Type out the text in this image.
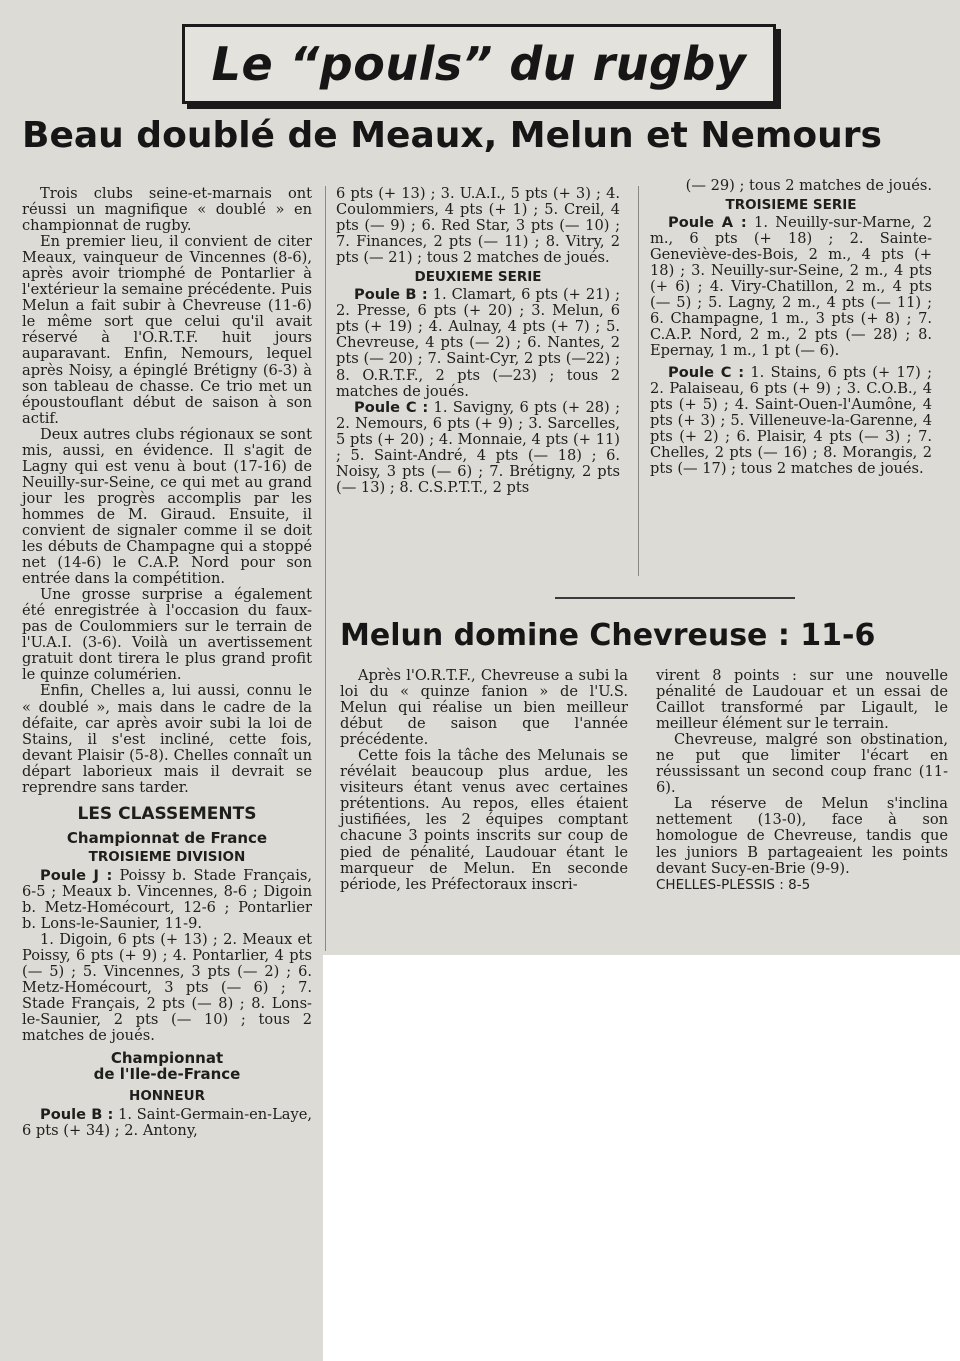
Le “pouls” du rugby
Beau doublé de Meaux, Melun et Nemours

Trois clubs seine-et-marnais ont réussi un magnifique « doublé » en championnat de rugby.

En premier lieu, il convient de citer Meaux, vainqueur de Vincennes (8-6), après avoir triomphé de Pontarlier à l'extérieur la semaine précédente. Puis Melun a fait subir à Chevreuse (11-6) le même sort que celui qu'il avait réservé à l'O.R.T.F. huit jours auparavant. Enfin, Nemours, lequel après Noisy, a épinglé Brétigny (6-3) à son tableau de chasse. Ce trio met un époustouflant début de saison à son actif.

Deux autres clubs régionaux se sont mis, aussi, en évidence. Il s'agit de Lagny qui est venu à bout (17-16) de Neuilly-sur-Seine, ce qui met au grand jour les progrès accomplis par les hommes de M. Giraud. Ensuite, il convient de signaler comme il se doit les débuts de Champagne qui a stoppé net (14-6) le C.A.P. Nord pour son entrée dans la compétition.

Une grosse surprise a également été enregistrée à l'occasion du faux-pas de Coulommiers sur le terrain de l'U.A.I. (3-6). Voilà un avertissement gratuit dont tirera le plus grand profit le quinze columérien.

Enfin, Chelles a, lui aussi, connu le « doublé », mais dans le cadre de la défaite, car après avoir subi la loi de Stains, il s'est incliné, cette fois, devant Plaisir (5-8). Chelles connaît un départ laborieux mais il devrait se reprendre sans tarder.

LES CLASSEMENTS
Championnat de France
TROISIEME DIVISION

Poule J : Poissy b. Stade Français, 6-5 ; Meaux b. Vincennes, 8-6 ; Digoin b. Metz-Homécourt, 12-6 ; Pontarlier b. Lons-le-Saunier, 11-9.

1. Digoin, 6 pts (+ 13) ; 2. Meaux et Poissy, 6 pts (+ 9) ; 4. Pontarlier, 4 pts (— 5) ; 5. Vincennes, 3 pts (— 2) ; 6. Metz-Homécourt, 3 pts (— 6) ; 7. Stade Français, 2 pts (— 8) ; 8. Lons-le-Saunier, 2 pts (— 10) ; tous 2 matches de joués.

Championnat
de l'Ile-de-France
HONNEUR

Poule B : 1. Saint-Germain-en-Laye, 6 pts (+ 34) ; 2. Antony,

6 pts (+ 13) ; 3. U.A.I., 5 pts (+ 3) ; 4. Coulommiers, 4 pts (+ 1) ; 5. Creil, 4 pts (— 9) ; 6. Red Star, 3 pts (— 10) ; 7. Finances, 2 pts (— 11) ; 8. Vitry, 2 pts (— 21) ; tous 2 matches de joués.

DEUXIEME SERIE

Poule B : 1. Clamart, 6 pts (+ 21) ; 2. Presse, 6 pts (+ 20) ; 3. Melun, 6 pts (+ 19) ; 4. Aulnay, 4 pts (+ 7) ; 5. Chevreuse, 4 pts (— 2) ; 6. Nantes, 2 pts (— 20) ; 7. Saint-Cyr, 2 pts (—22) ; 8. O.R.T.F., 2 pts (—23) ; tous 2 matches de joués.

Poule C : 1. Savigny, 6 pts (+ 28) ; 2. Nemours, 6 pts (+ 9) ; 3. Sarcelles, 5 pts (+ 20) ; 4. Monnaie, 4 pts (+ 11) ; 5. Saint-André, 4 pts (— 18) ; 6. Noisy, 3 pts (— 6) ; 7. Brétigny, 2 pts (— 13) ; 8. C.S.P.T.T., 2 pts

(— 29) ; tous 2 matches de joués.

TROISIEME SERIE

Poule A : 1. Neuilly-sur-Marne, 2 m., 6 pts (+ 18) ; 2. Sainte-Geneviève-des-Bois, 2 m., 4 pts (+ 18) ; 3. Neuilly-sur-Seine, 2 m., 4 pts (+ 6) ; 4. Viry-Chatillon, 2 m., 4 pts (— 5) ; 5. Lagny, 2 m., 4 pts (— 11) ; 6. Champagne, 1 m., 3 pts (+ 8) ; 7. C.A.P. Nord, 2 m., 2 pts (— 28) ; 8. Epernay, 1 m., 1 pt (— 6).

Poule C : 1. Stains, 6 pts (+ 17) ; 2. Palaiseau, 6 pts (+ 9) ; 3. C.O.B., 4 pts (+ 5) ; 4. Saint-Ouen-l'Aumône, 4 pts (+ 3) ; 5. Villeneuve-la-Garenne, 4 pts (+ 2) ; 6. Plaisir, 4 pts (— 3) ; 7. Chelles, 2 pts (— 16) ; 8. Morangis, 2 pts (— 17) ; tous 2 matches de joués.

Melun domine Chevreuse : 11-6

Après l'O.R.T.F., Chevreuse a subi la loi du « quinze fanion » de l'U.S. Melun qui réalise un bien meilleur début de saison que l'année précédente.

Cette fois la tâche des Melunais se révélait beaucoup plus ardue, les visiteurs étant venus avec certaines prétentions. Au repos, elles étaient justifiées, les 2 équipes comptant chacune 3 points inscrits sur coup de pied de pénalité, Laudouar étant le marqueur de Melun. En seconde période, les Préfectoraux inscri-

virent 8 points : sur une nouvelle pénalité de Laudouar et un essai de Caillot transformé par Ligault, le meilleur élément sur le terrain.

Chevreuse, malgré son obstination, ne put que limiter l'écart en réussissant un second coup franc (11-6).

La réserve de Melun s'inclina nettement (13-0), face à son homologue de Chevreuse, tandis que les juniors B partageaient les points devant Sucy-en-Brie (9-9).

CHELLES-PLESSIS : 8-5
